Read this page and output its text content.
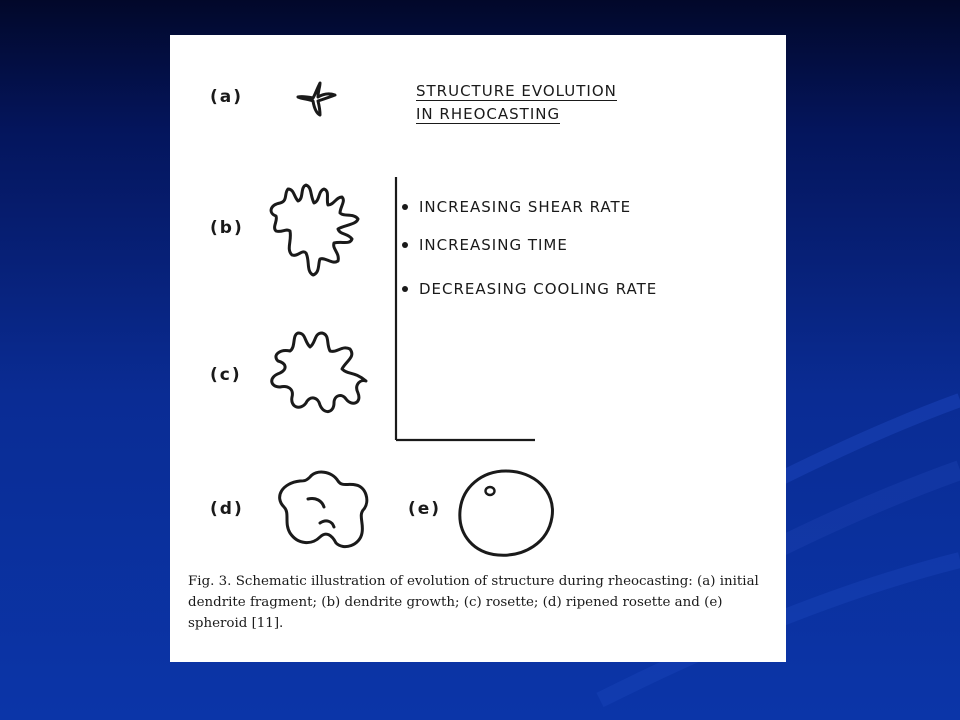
(a)
(b)
(c)
(d)	(e)
STRUCTURE EVOLUTION
IN RHEOCASTING
INCREASING SHEAR RATE
INCREASING TIME
DECREASING COOLING RATE

Fig. 3. Schematic illustration of evolution of structure during rheocasting: (a) initial dendrite fragment; (b) dendrite growth; (c) rosette; (d) ripened rosette and (e) spheroid [11].
